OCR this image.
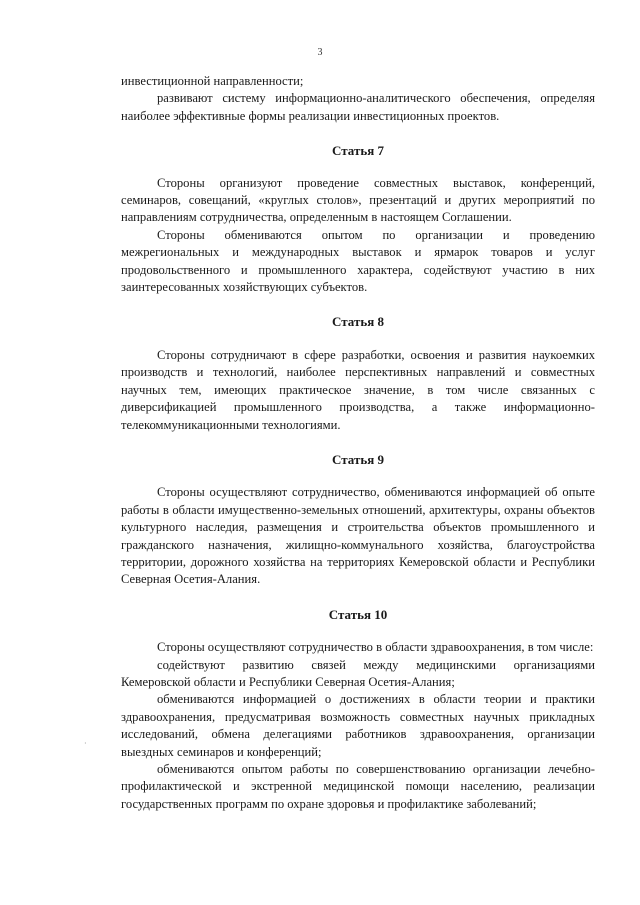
3

инвестиционной направленности;

развивают систему информационно-аналитического обеспечения, определяя наиболее эффективные формы реализации инвестиционных проектов.

Статья 7

Стороны организуют проведение совместных выставок, конференций, семинаров, совещаний, «круглых столов», презентаций и других мероприятий по направлениям сотрудничества, определенным в настоящем Соглашении.

Стороны обмениваются опытом по организации и проведению межрегиональных и международных выставок и ярмарок товаров и услуг продовольственного и промышленного характера, содействуют участию в них заинтересованных хозяйствующих субъектов.

Статья 8

Стороны сотрудничают в сфере разработки, освоения и развития наукоемких производств и технологий, наиболее перспективных направлений и совместных научных тем, имеющих практическое значение, в том числе связанных с диверсификацией промышленного производства, а также информационно-телекоммуникационными технологиями.

Статья 9

Стороны осуществляют сотрудничество, обмениваются информацией об опыте работы в области имущественно-земельных отношений, архитектуры, охраны объектов культурного наследия, размещения и строительства объектов промышленного и гражданского назначения, жилищно-коммунального хозяйства, благоустройства территории, дорожного хозяйства на территориях Кемеровской области и Республики Северная Осетия-Алания.

Статья 10

Стороны осуществляют сотрудничество в области здравоохранения, в том числе:

содействуют развитию связей между медицинскими организациями Кемеровской области и Республики Северная Осетия-Алания;

обмениваются информацией о достижениях в области теории и практики здравоохранения, предусматривая возможность совместных научных прикладных исследований, обмена делегациями работников здравоохранения, организации выездных семинаров и конференций;

обмениваются опытом работы по совершенствованию организации лечебно-профилактической и экстренной медицинской помощи населению, реализации государственных программ по охране здоровья и профилактике заболеваний;

·
